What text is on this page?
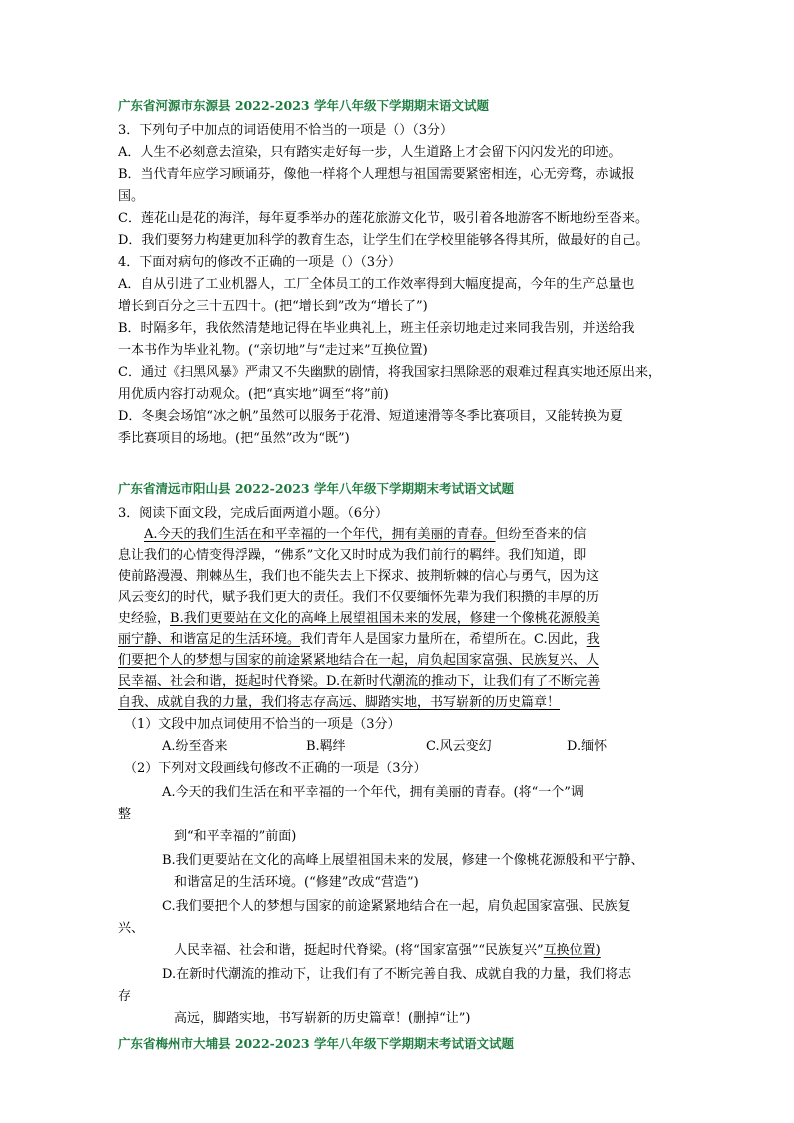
广东省河源市东源县 2022-2023 学年八年级下学期期末语文试题
3．下列句子中加点的词语使用不恰当的一项是（）（3分）
A．人生不必刻意去渲染，只有踏实走好每一步，人生道路上才会留下闪闪发光的印迹。
B．当代青年应学习顾诵芬，像他一样将个人理想与祖国需要紧密相连，心无旁骛，赤诚报
国。
C．莲花山是花的海洋，每年夏季举办的莲花旅游文化节，吸引着各地游客不断地纷至沓来。
D．我们要努力构建更加科学的教育生态，让学生们在学校里能够各得其所，做最好的自己。
4．下面对病句的修改不正确的一项是（）（3分）
A．自从引进了工业机器人，工厂全体员工的工作效率得到大幅度提高，今年的生产总量也
增长到百分之三十五四十。(把“增长到”改为“增长了”)
B．时隔多年，我依然清楚地记得在毕业典礼上，班主任亲切地走过来同我告别，并送给我
一本书作为毕业礼物。(“亲切地”与“走过来”互换位置)
C．通过《扫黑风暴》严肃又不失幽默的剧情，将我国家扫黑除恶的艰难过程真实地还原出来，
用优质内容打动观众。(把“真实地”调至“将”前)
D．冬奥会场馆“冰之帆”虽然可以服务于花滑、短道速滑等冬季比赛项目，又能转换为夏
季比赛项目的场地。(把“虽然”改为“既”)
广东省清远市阳山县 2022-2023 学年八年级下学期期末考试语文试题
3．阅读下面文段，完成后面两道小题。（6分）
　　A.今天的我们生活在和平幸福的一个年代，拥有美丽的青春。但纷至沓来的信
息让我们的心情变得浮躁，“佛系”文化又时时成为我们前行的羁绊。我们知道，即
使前路漫漫、荆棘丛生，我们也不能失去上下探求、披荆斩棘的信心与勇气，因为这
风云变幻的时代，赋予我们更大的责任。我们不仅要缅怀先辈为我们积攒的丰厚的历
史经验，B.我们更要站在文化的高峰上展望祖国未来的发展，修建一个像桃花源般美
丽宁静、和谐富足的生活环境。我们青年人是国家力量所在，希望所在。C.因此，我
们要把个人的梦想与国家的前途紧紧地结合在一起，肩负起国家富强、民族复兴、人
民幸福、社会和谐，挺起时代脊梁。D.在新时代潮流的推动下，让我们有了不断完善
自我、成就自我的力量，我们将志存高远、脚踏实地，书写崭新的历史篇章！
（1）文段中加点词使用不恰当的一项是（3分）
A.纷至沓来	B.羁绊	C.风云变幻	D.缅怀
（2）下列对文段画线句修改不正确的一项是（3分）
A.今天的我们生活在和平幸福的一个年代，拥有美丽的青春。(将“一个”调
整
到“和平幸福的”前面)
B.我们更要站在文化的高峰上展望祖国未来的发展，修建一个像桃花源般和平宁静、
和谐富足的生活环境。(“修建”改成“营造”)
C.我们要把个人的梦想与国家的前途紧紧地结合在一起，肩负起国家富强、民族复
兴、
人民幸福、社会和谐，挺起时代脊梁。(将“国家富强”“民族复兴”互换位置)
D.在新时代潮流的推动下，让我们有了不断完善自我、成就自我的力量，我们将志
存
高远，脚踏实地，书写崭新的历史篇章！(删掉“让”)
广东省梅州市大埔县 2022-2023 学年八年级下学期期末考试语文试题
